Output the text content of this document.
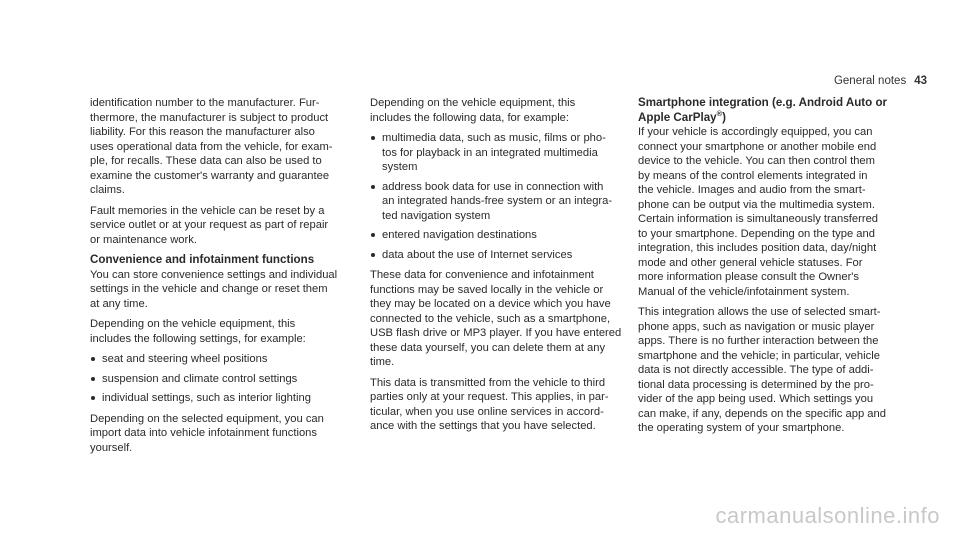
General notes 43

identification number to the manufacturer. Fur‐
thermore, the manufacturer is subject to product
liability. For this reason the manufacturer also
uses operational data from the vehicle, for exam‐
ple, for recalls. These data can also be used to
examine the customer's warranty and guarantee
claims.

Fault memories in the vehicle can be reset by a
service outlet or at your request as part of repair
or maintenance work.

Convenience and infotainment functions

You can store convenience settings and individual
settings in the vehicle and change or reset them
at any time.

Depending on the vehicle equipment, this
includes the following settings, for example:

seat and steering wheel positions
suspension and climate control settings
individual settings, such as interior lighting

Depending on the selected equipment, you can
import data into vehicle infotainment functions
yourself.

Depending on the vehicle equipment, this
includes the following data, for example:

multimedia data, such as music, films or pho‐
tos for playback in an integrated multimedia
system
address book data for use in connection with
an integrated hands-free system or an integra‐
ted navigation system
entered navigation destinations
data about the use of Internet services

These data for convenience and infotainment
functions may be saved locally in the vehicle or
they may be located on a device which you have
connected to the vehicle, such as a smartphone,
USB flash drive or MP3 player. If you have entered
these data yourself, you can delete them at any
time.

This data is transmitted from the vehicle to third
parties only at your request. This applies, in par‐
ticular, when you use online services in accord‐
ance with the settings that you have selected.

Smartphone integration (e.g. Android Auto or
Apple CarPlay®)

If your vehicle is accordingly equipped, you can
connect your smartphone or another mobile end
device to the vehicle. You can then control them
by means of the control elements integrated in
the vehicle. Images and audio from the smart‐
phone can be output via the multimedia system.
Certain information is simultaneously transferred
to your smartphone. Depending on the type and
integration, this includes position data, day/night
mode and other general vehicle statuses. For
more information please consult the Owner's
Manual of the vehicle/infotainment system.

This integration allows the use of selected smart‐
phone apps, such as navigation or music player
apps. There is no further interaction between the
smartphone and the vehicle; in particular, vehicle
data is not directly accessible. The type of addi‐
tional data processing is determined by the pro‐
vider of the app being used. Which settings you
can make, if any, depends on the specific app and
the operating system of your smartphone.

carmanualsonline.info
